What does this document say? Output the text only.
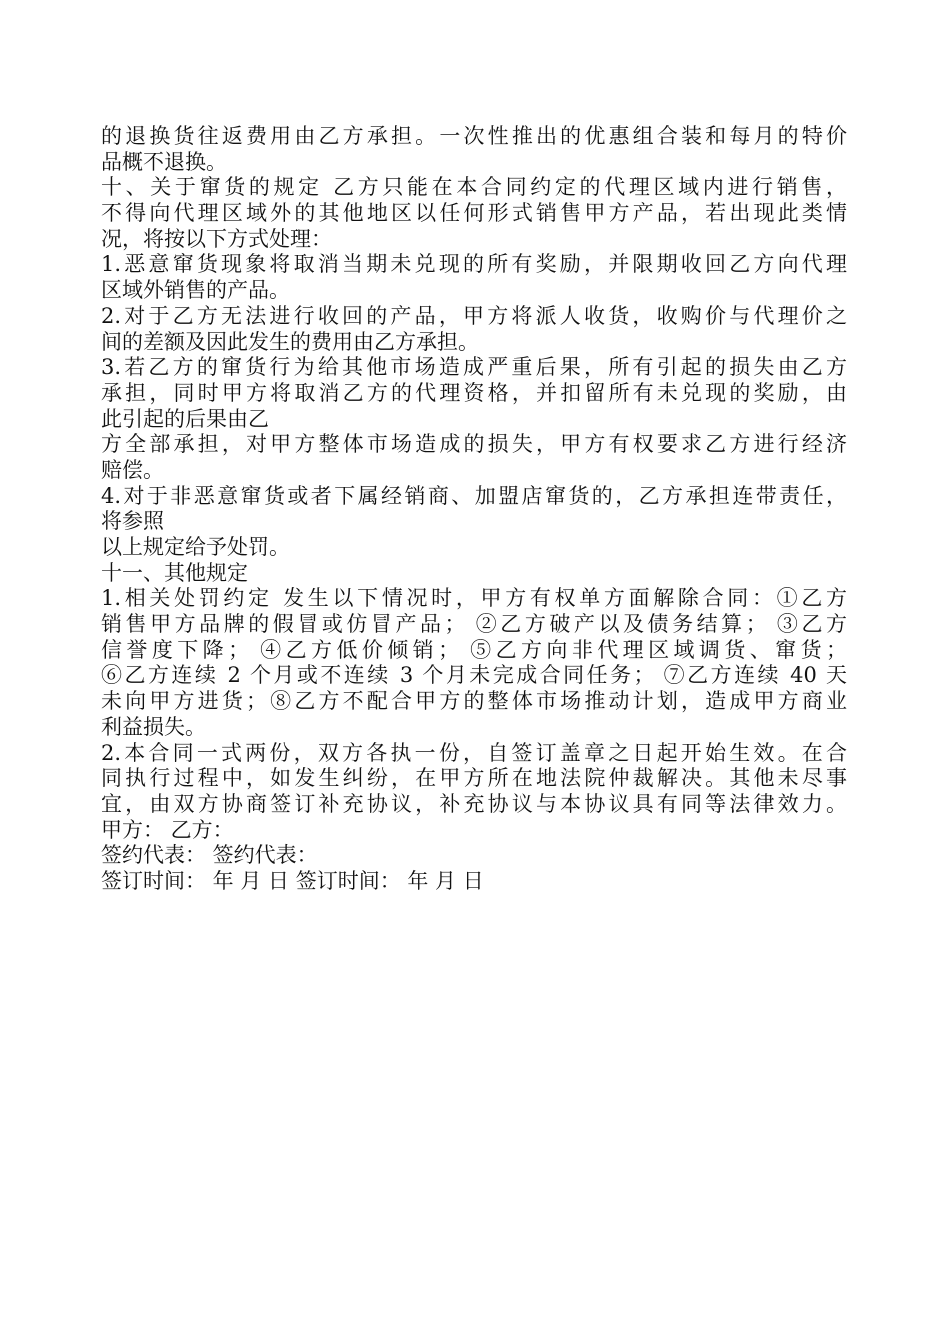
的退换货往返费用由乙方承担。一次性推出的优惠组合装和每月的特价
品概不退换。
十、关于窜货的规定 乙方只能在本合同约定的代理区域内进行销售，
不得向代理区域外的其他地区以任何形式销售甲方产品，若出现此类情
况，将按以下方式处理：
1.恶意窜货现象将取消当期未兑现的所有奖励，并限期收回乙方向代理
区域外销售的产品。
2.对于乙方无法进行收回的产品，甲方将派人收货，收购价与代理价之
间的差额及因此发生的费用由乙方承担。
3.若乙方的窜货行为给其他市场造成严重后果，所有引起的损失由乙方
承担，同时甲方将取消乙方的代理资格，并扣留所有未兑现的奖励，由
此引起的后果由乙
方全部承担，对甲方整体市场造成的损失，甲方有权要求乙方进行经济
赔偿。
4.对于非恶意窜货或者下属经销商、加盟店窜货的，乙方承担连带责任，
将参照
以上规定给予处罚。
十一、其他规定
1.相关处罚约定 发生以下情况时，甲方有权单方面解除合同：①乙方
销售甲方品牌的假冒或仿冒产品； ②乙方破产以及债务结算； ③乙方
信誉度下降； ④乙方低价倾销； ⑤乙方向非代理区域调货、窜货；
⑥乙方连续 2 个月或不连续 3 个月未完成合同任务； ⑦乙方连续 40 天
未向甲方进货；⑧乙方不配合甲方的整体市场推动计划，造成甲方商业
利益损失。
2.本合同一式两份，双方各执一份，自签订盖章之日起开始生效。在合
同执行过程中，如发生纠纷，在甲方所在地法院仲裁解决。其他未尽事
宜，由双方协商签订补充协议，补充协议与本协议具有同等法律效力。
甲方： 乙方：
签约代表： 签约代表：
签订时间： 年 月 日 签订时间： 年 月 日
